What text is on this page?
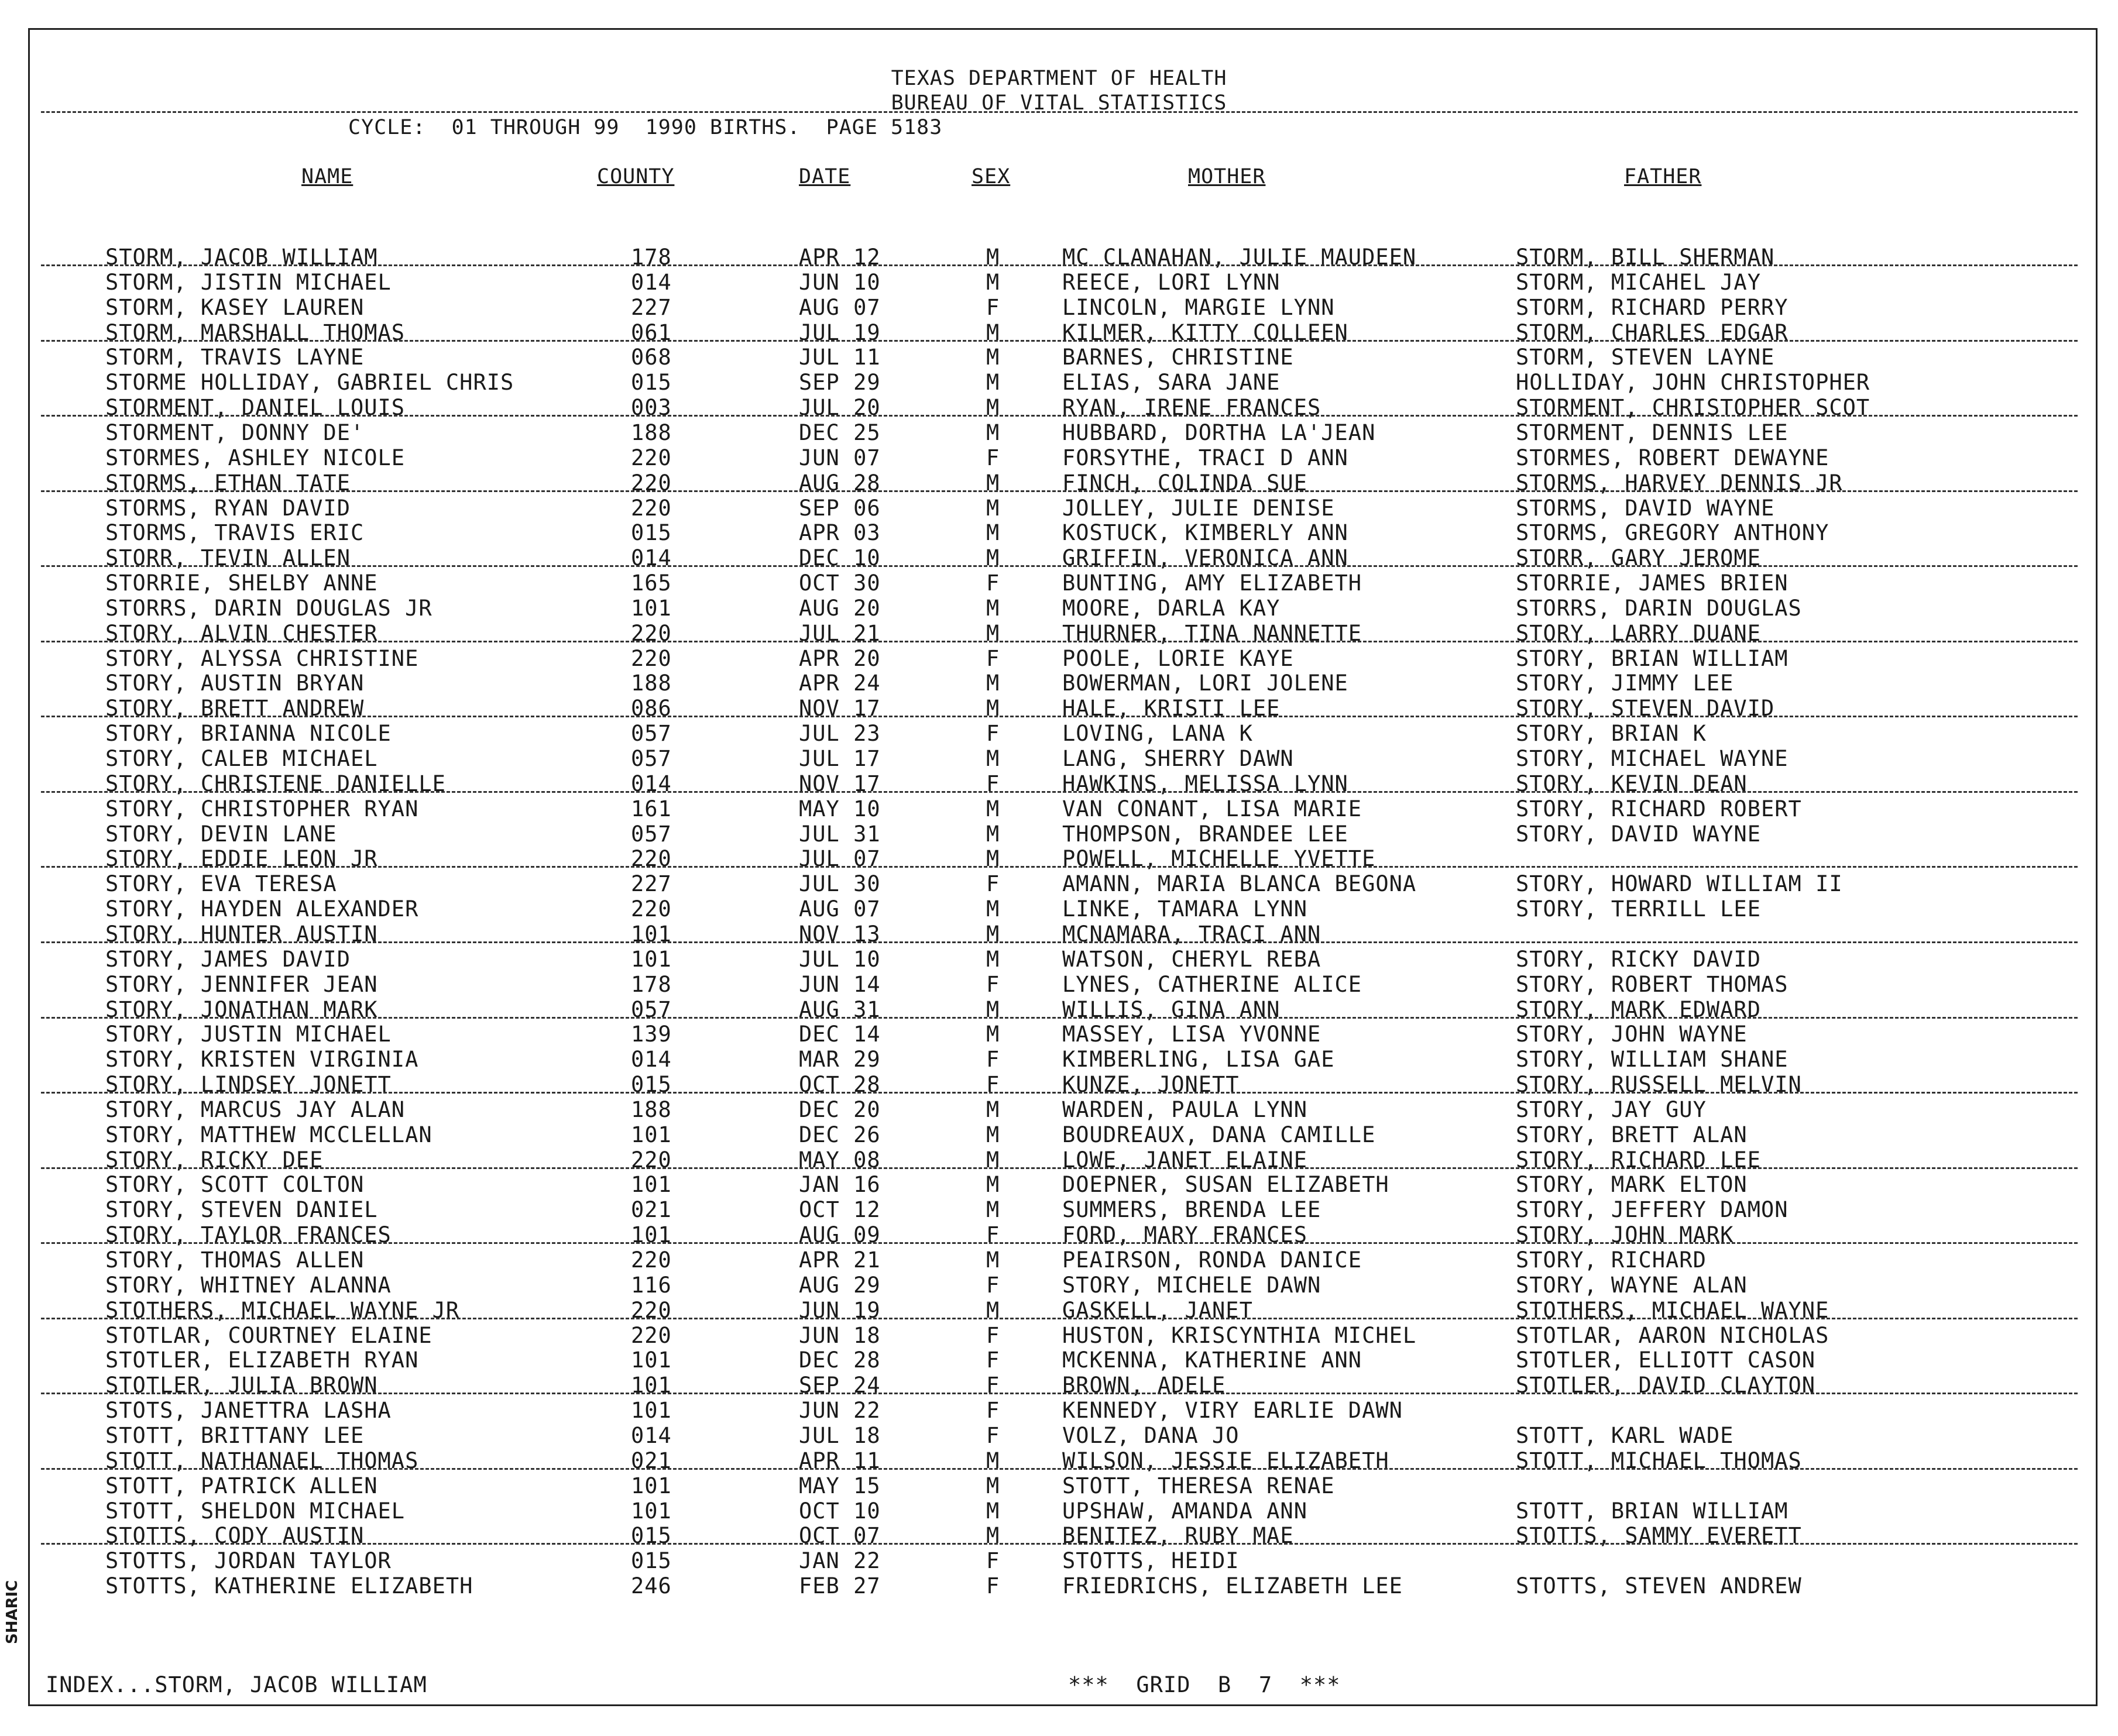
TEXAS DEPARTMENT OF HEALTH
BUREAU OF VITAL STATISTICS
CYCLE:  01 THROUGH 99  1990 BIRTHS.  PAGE 5183
NAME	COUNTY	DATE	SEX	MOTHER	FATHER
STORM, JACOB WILLIAM	178	APR 12	M	MC CLANAHAN, JULIE MAUDEEN	STORM, BILL SHERMAN
STORM, JISTIN MICHAEL	014	JUN 10	M	REECE, LORI LYNN	STORM, MICAHEL JAY
STORM, KASEY LAUREN	227	AUG 07	F	LINCOLN, MARGIE LYNN	STORM, RICHARD PERRY
STORM, MARSHALL THOMAS	061	JUL 19	M	KILMER, KITTY COLLEEN	STORM, CHARLES EDGAR
STORM, TRAVIS LAYNE	068	JUL 11	M	BARNES, CHRISTINE	STORM, STEVEN LAYNE
STORME HOLLIDAY, GABRIEL CHRIS	015	SEP 29	M	ELIAS, SARA JANE	HOLLIDAY, JOHN CHRISTOPHER
STORMENT, DANIEL LOUIS	003	JUL 20	M	RYAN, IRENE FRANCES	STORMENT, CHRISTOPHER SCOT
STORMENT, DONNY DE'	188	DEC 25	M	HUBBARD, DORTHA LA'JEAN	STORMENT, DENNIS LEE
STORMES, ASHLEY NICOLE	220	JUN 07	F	FORSYTHE, TRACI D ANN	STORMES, ROBERT DEWAYNE
STORMS, ETHAN TATE	220	AUG 28	M	FINCH, COLINDA SUE	STORMS, HARVEY DENNIS JR
STORMS, RYAN DAVID	220	SEP 06	M	JOLLEY, JULIE DENISE	STORMS, DAVID WAYNE
STORMS, TRAVIS ERIC	015	APR 03	M	KOSTUCK, KIMBERLY ANN	STORMS, GREGORY ANTHONY
STORR, TEVIN ALLEN	014	DEC 10	M	GRIFFIN, VERONICA ANN	STORR, GARY JEROME
STORRIE, SHELBY ANNE	165	OCT 30	F	BUNTING, AMY ELIZABETH	STORRIE, JAMES BRIEN
STORRS, DARIN DOUGLAS JR	101	AUG 20	M	MOORE, DARLA KAY	STORRS, DARIN DOUGLAS
STORY, ALVIN CHESTER	220	JUL 21	M	THURNER, TINA NANNETTE	STORY, LARRY DUANE
STORY, ALYSSA CHRISTINE	220	APR 20	F	POOLE, LORIE KAYE	STORY, BRIAN WILLIAM
STORY, AUSTIN BRYAN	188	APR 24	M	BOWERMAN, LORI JOLENE	STORY, JIMMY LEE
STORY, BRETT ANDREW	086	NOV 17	M	HALE, KRISTI LEE	STORY, STEVEN DAVID
STORY, BRIANNA NICOLE	057	JUL 23	F	LOVING, LANA K	STORY, BRIAN K
STORY, CALEB MICHAEL	057	JUL 17	M	LANG, SHERRY DAWN	STORY, MICHAEL WAYNE
STORY, CHRISTENE DANIELLE	014	NOV 17	F	HAWKINS, MELISSA LYNN	STORY, KEVIN DEAN
STORY, CHRISTOPHER RYAN	161	MAY 10	M	VAN CONANT, LISA MARIE	STORY, RICHARD ROBERT
STORY, DEVIN LANE	057	JUL 31	M	THOMPSON, BRANDEE LEE	STORY, DAVID WAYNE
STORY, EDDIE LEON JR	220	JUL 07	M	POWELL, MICHELLE YVETTE
STORY, EVA TERESA	227	JUL 30	F	AMANN, MARIA BLANCA BEGONA	STORY, HOWARD WILLIAM II
STORY, HAYDEN ALEXANDER	220	AUG 07	M	LINKE, TAMARA LYNN	STORY, TERRILL LEE
STORY, HUNTER AUSTIN	101	NOV 13	M	MCNAMARA, TRACI ANN
STORY, JAMES DAVID	101	JUL 10	M	WATSON, CHERYL REBA	STORY, RICKY DAVID
STORY, JENNIFER JEAN	178	JUN 14	F	LYNES, CATHERINE ALICE	STORY, ROBERT THOMAS
STORY, JONATHAN MARK	057	AUG 31	M	WILLIS, GINA ANN	STORY, MARK EDWARD
STORY, JUSTIN MICHAEL	139	DEC 14	M	MASSEY, LISA YVONNE	STORY, JOHN WAYNE
STORY, KRISTEN VIRGINIA	014	MAR 29	F	KIMBERLING, LISA GAE	STORY, WILLIAM SHANE
STORY, LINDSEY JONETT	015	OCT 28	F	KUNZE, JONETT	STORY, RUSSELL MELVIN
STORY, MARCUS JAY ALAN	188	DEC 20	M	WARDEN, PAULA LYNN	STORY, JAY GUY
STORY, MATTHEW MCCLELLAN	101	DEC 26	M	BOUDREAUX, DANA CAMILLE	STORY, BRETT ALAN
STORY, RICKY DEE	220	MAY 08	M	LOWE, JANET ELAINE	STORY, RICHARD LEE
STORY, SCOTT COLTON	101	JAN 16	M	DOEPNER, SUSAN ELIZABETH	STORY, MARK ELTON
STORY, STEVEN DANIEL	021	OCT 12	M	SUMMERS, BRENDA LEE	STORY, JEFFERY DAMON
STORY, TAYLOR FRANCES	101	AUG 09	F	FORD, MARY FRANCES	STORY, JOHN MARK
STORY, THOMAS ALLEN	220	APR 21	M	PEAIRSON, RONDA DANICE	STORY, RICHARD
STORY, WHITNEY ALANNA	116	AUG 29	F	STORY, MICHELE DAWN	STORY, WAYNE ALAN
STOTHERS, MICHAEL WAYNE JR	220	JUN 19	M	GASKELL, JANET	STOTHERS, MICHAEL WAYNE
STOTLAR, COURTNEY ELAINE	220	JUN 18	F	HUSTON, KRISCYNTHIA MICHEL	STOTLAR, AARON NICHOLAS
STOTLER, ELIZABETH RYAN	101	DEC 28	F	MCKENNA, KATHERINE ANN	STOTLER, ELLIOTT CASON
STOTLER, JULIA BROWN	101	SEP 24	F	BROWN, ADELE	STOTLER, DAVID CLAYTON
STOTS, JANETTRA LASHA	101	JUN 22	F	KENNEDY, VIRY EARLIE DAWN
STOTT, BRITTANY LEE	014	JUL 18	F	VOLZ, DANA JO	STOTT, KARL WADE
STOTT, NATHANAEL THOMAS	021	APR 11	M	WILSON, JESSIE ELIZABETH	STOTT, MICHAEL THOMAS
STOTT, PATRICK ALLEN	101	MAY 15	M	STOTT, THERESA RENAE
STOTT, SHELDON MICHAEL	101	OCT 10	M	UPSHAW, AMANDA ANN	STOTT, BRIAN WILLIAM
STOTTS, CODY AUSTIN	015	OCT 07	M	BENITEZ, RUBY MAE	STOTTS, SAMMY EVERETT
STOTTS, JORDAN TAYLOR	015	JAN 22	F	STOTTS, HEIDI
STOTTS, KATHERINE ELIZABETH	246	FEB 27	F	FRIEDRICHS, ELIZABETH LEE	STOTTS, STEVEN ANDREW
INDEX...STORM, JACOB WILLIAM	***  GRID  B  7  ***
SHARIC
